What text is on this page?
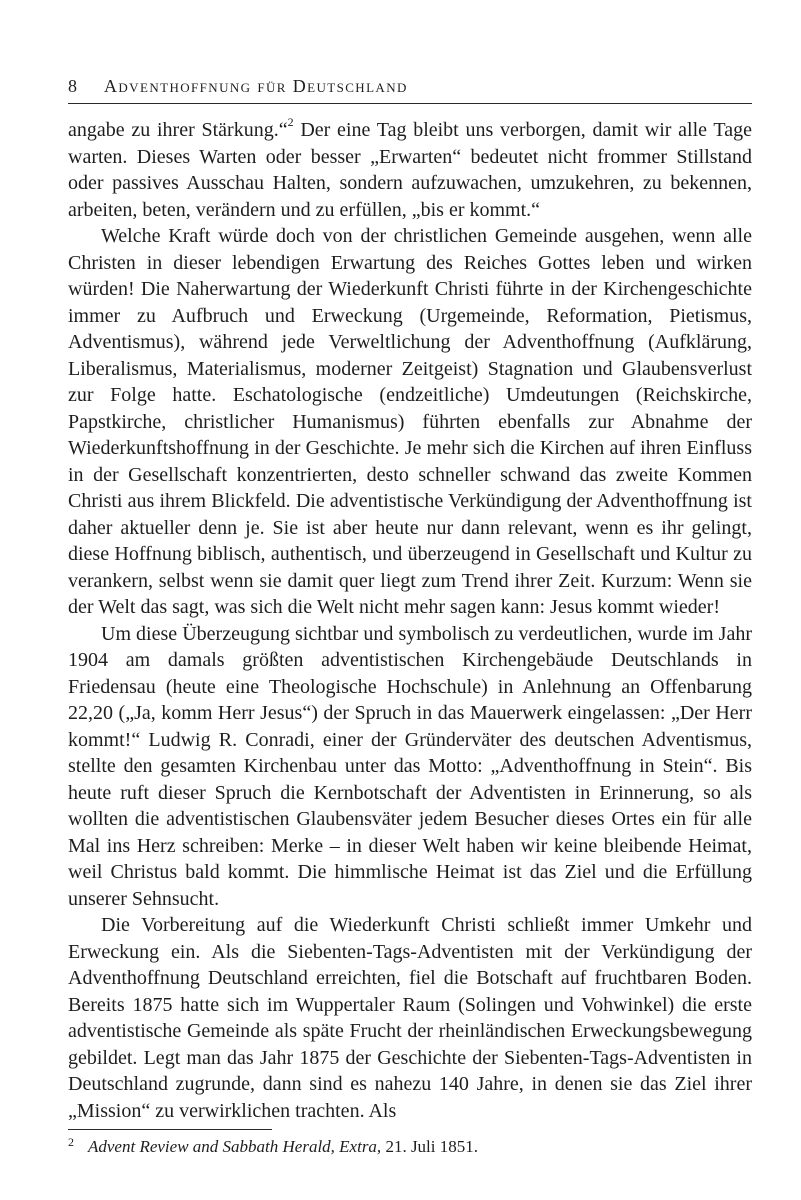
8 Adventhoffnung für Deutschland

angabe zu ihrer Stärkung.“$^2$ Der eine Tag bleibt uns verborgen, damit wir alle Tage warten. Dieses Warten oder besser „Erwarten“ bedeutet nicht frommer Stillstand oder passives Ausschau Halten, sondern aufzuwachen, umzukehren, zu bekennen, arbeiten, beten, verändern und zu erfüllen, „bis er kommt.“

Welche Kraft würde doch von der christlichen Gemeinde ausgehen, wenn alle Christen in dieser lebendigen Erwartung des Reiches Gottes leben und wirken würden! Die Naherwartung der Wiederkunft Christi führte in der Kirchengeschichte immer zu Aufbruch und Erweckung (Urgemeinde, Reformation, Pietismus, Adventismus), während jede Verweltlichung der Adventhoffnung (Aufklärung, Liberalismus, Materialismus, moderner Zeitgeist) Stagnation und Glaubensverlust zur Folge hatte. Eschatologische (endzeitliche) Umdeutungen (Reichskirche, Papstkirche, christlicher Humanismus) führten ebenfalls zur Abnahme der Wiederkunftshoffnung in der Geschichte. Je mehr sich die Kirchen auf ihren Einfluss in der Gesellschaft konzentrierten, desto schneller schwand das zweite Kommen Christi aus ihrem Blickfeld. Die adventistische Verkündigung der Adventhoffnung ist daher aktueller denn je. Sie ist aber heute nur dann relevant, wenn es ihr gelingt, diese Hoffnung biblisch, authentisch, und überzeugend in Gesellschaft und Kultur zu verankern, selbst wenn sie damit quer liegt zum Trend ihrer Zeit. Kurzum: Wenn sie der Welt das sagt, was sich die Welt nicht mehr sagen kann: Jesus kommt wieder!

Um diese Überzeugung sichtbar und symbolisch zu verdeutlichen, wurde im Jahr 1904 am damals größten adventistischen Kirchengebäude Deutschlands in Friedensau (heute eine Theologische Hochschule) in Anlehnung an Offenbarung 22,20 („Ja, komm Herr Jesus“) der Spruch in das Mauerwerk eingelassen: „Der Herr kommt!“ Ludwig R. Conradi, einer der Gründerväter des deutschen Adventismus, stellte den gesamten Kirchenbau unter das Motto: „Adventhoffnung in Stein“. Bis heute ruft dieser Spruch die Kernbotschaft der Adventisten in Erinnerung, so als wollten die adventistischen Glaubensväter jedem Besucher dieses Ortes ein für alle Mal ins Herz schreiben: Merke – in dieser Welt haben wir keine bleibende Heimat, weil Christus bald kommt. Die himmlische Heimat ist das Ziel und die Erfüllung unserer Sehnsucht.

Die Vorbereitung auf die Wiederkunft Christi schließt immer Umkehr und Erweckung ein. Als die Siebenten-Tags-Adventisten mit der Verkündigung der Adventhoffnung Deutschland erreichten, fiel die Botschaft auf fruchtbaren Boden. Bereits 1875 hatte sich im Wuppertaler Raum (Solingen und Vohwinkel) die erste adventistische Gemeinde als späte Frucht der rheinländischen Erweckungsbewegung gebildet. Legt man das Jahr 1875 der Geschichte der Siebenten-Tags-Adventisten in Deutschland zugrunde, dann sind es nahezu 140 Jahre, in denen sie das Ziel ihrer „Mission“ zu verwirklichen trachten. Als

2 Advent Review and Sabbath Herald, Extra, 21. Juli 1851.
